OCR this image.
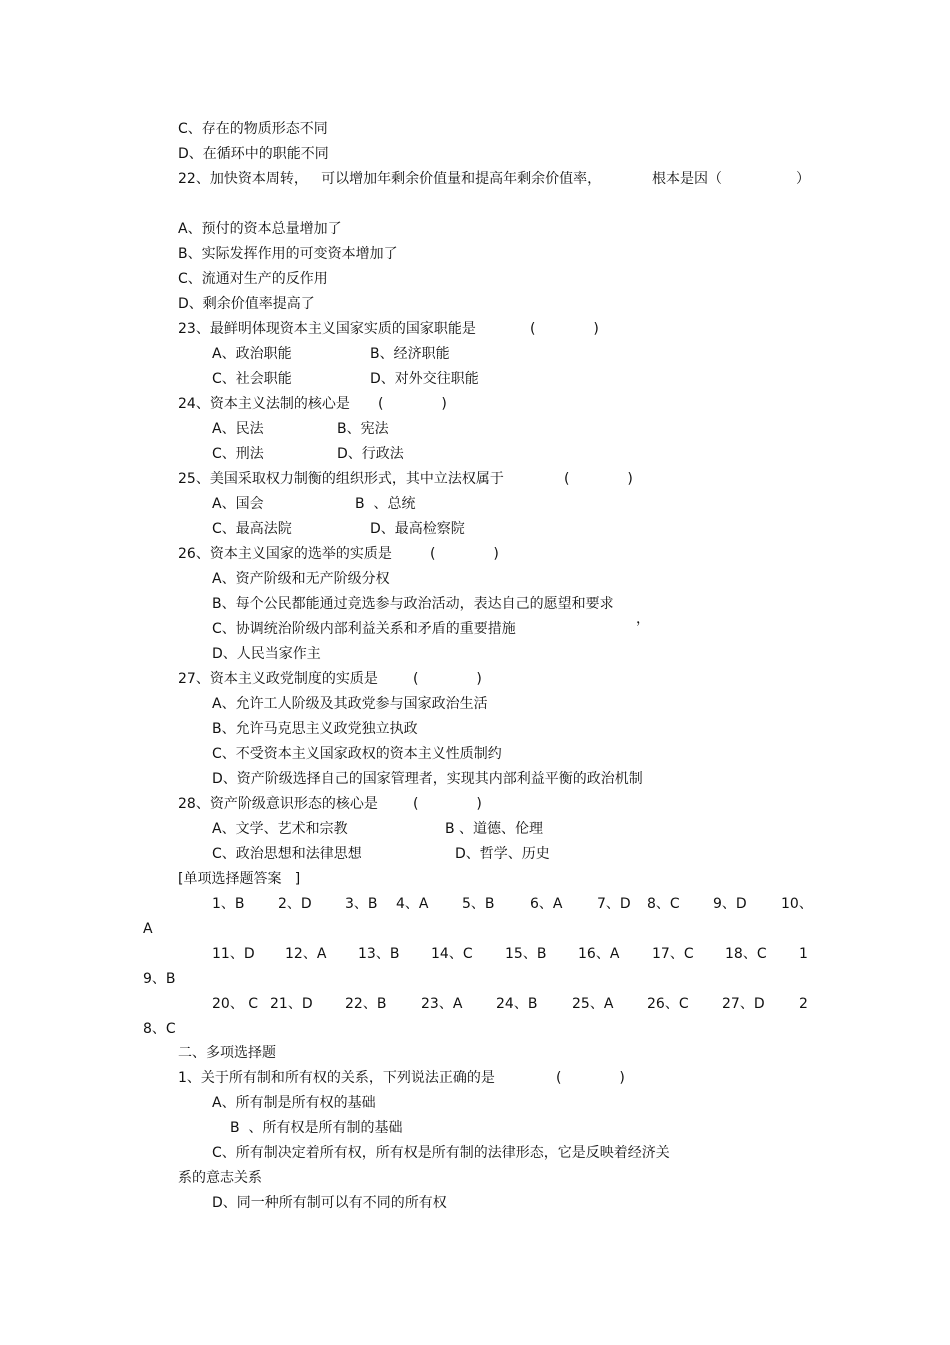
C、存在的物质形态不同
D、在循环中的职能不同
22、加快资本周转，   可以增加年剩余价值量和提高年剩余价值率，	根本是因（	）
A、预付的资本总量增加了
B、实际发挥作用的可变资本增加了
C、流通对生产的反作用
D、剩余价值率提高了
23、最鲜明体现资本主义国家实质的国家职能是	(             )
A、政治职能	B、经济职能
C、社会职能	D、对外交往职能
24、资本主义法制的核心是 (             )
A、民法	B、宪法
C、刑法	D、行政法
25、美国采取权力制衡的组织形式，其中立法权属于	(             )
A、国会	B  、总统
C、最高法院	D、最高检察院
26、资本主义国家的选举的实质是	(             )
A、资产阶级和无产阶级分权
B、每个公民都能通过竞选参与政治活动，表达自己的愿望和要求
C、协调统治阶级内部利益关系和矛盾的重要措施
，
D、人民当家作主
27、资本主义政党制度的实质是	(             )
A、允许工人阶级及其政党参与国家政治生活
B、允许马克思主义政党独立执政
C、不受资本主义国家政权的资本主义性质制约
D、资产阶级选择自己的国家管理者，实现其内部利益平衡的政治机制
28、资产阶级意识形态的核心是	(             )
A、文学、艺术和宗教	B 、道德、伦理
C、政治思想和法律思想	D、哲学、历史
[单项选择题答案   ]
1、B 2、D 3、B 4、A 5、B	6、A 7、D 8、C 9、D 10、
A
11、D 12、A 13、B 14、C 15、B 16、A 17、C 18、C 1
9、B
20、 C 21、D 22、B 23、A 24、B 25、A 26、C 27、D 2
8、C
二、多项选择题
1、关于所有制和所有权的关系，下列说法正确的是	(             )
A、所有制是所有权的基础
B  、所有权是所有制的基础
C、所有制决定着所有权，所有权是所有制的法律形态，它是反映着经济关
系的意志关系
D、同一种所有制可以有不同的所有权
